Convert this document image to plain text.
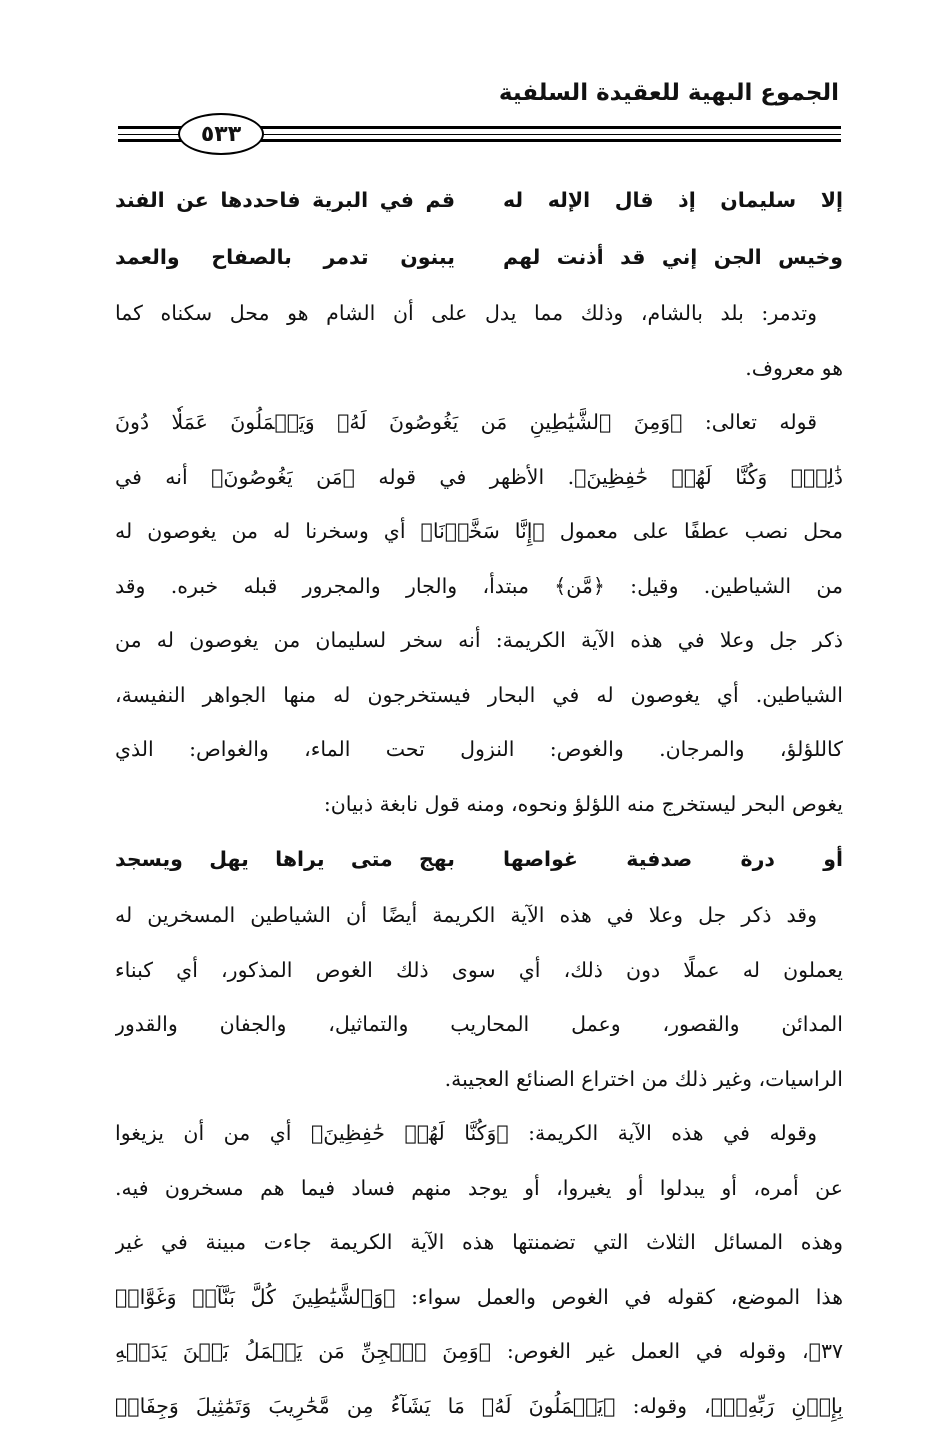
الجموع البهية للعقيدة السلفية
٥٣٣
إلا سليمان إذ قال الإله له
قم في البرية فاحددها عن الفند
وخيس الجن إني قد أذنت لهم
يبنون تدمر بالصفاح والعمد
وتدمر: بلد بالشام، وذلك مما يدل على أن الشام هو محل سكناه كما
هو معروف.
قوله تعالى: ﴿وَمِنَ ٱلشَّيَٰطِينِ مَن يَغُوصُونَ لَهُۥ وَيَعۡمَلُونَ عَمَلٗا دُونَ
ذَٰلِكَۖ وَكُنَّا لَهُمۡ حَٰفِظِينَ﴾. الأظهر في قوله ﴿مَن يَغُوصُونَ﴾ أنه في
محل نصب عطفًا على معمول ﴿إِنَّا سَخَّرۡنَا﴾ أي وسخرنا له من يغوصون له
من الشياطين. وقيل: ﴿مَّن﴾ مبتدأ، والجار والمجرور قبله خبره. وقد
ذكر جل وعلا في هذه الآية الكريمة: أنه سخر لسليمان من يغوصون له من
الشياطين. أي يغوصون له في البحار فيستخرجون له منها الجواهر النفيسة،
كاللؤلؤ، والمرجان. والغوص: النزول تحت الماء، والغواص: الذي
يغوص البحر ليستخرج منه اللؤلؤ ونحوه، ومنه قول نابغة ذبيان:
أو درة صدفية غواصها
بهج متى يراها يهل ويسجد
وقد ذكر جل وعلا في هذه الآية الكريمة أيضًا أن الشياطين المسخرين له
يعملون له عملًا دون ذلك، أي سوى ذلك الغوص المذكور، أي كبناء
المدائن والقصور، وعمل المحاريب والتماثيل، والجفان والقدور
الراسيات، وغير ذلك من اختراع الصنائع العجيبة.
وقوله في هذه الآية الكريمة: ﴿وَكُنَّا لَهُمۡ حَٰفِظِينَ﴾ أي من أن يزيغوا
عن أمره، أو يبدلوا أو يغيروا، أو يوجد منهم فساد فيما هم مسخرون فيه.
وهذه المسائل الثلاث التي تضمنتها هذه الآية الكريمة جاءت مبينة في غير
هذا الموضع، كقوله في الغوص والعمل سواء: ﴿وَٱلشَّيَٰطِينَ كُلَّ بَنَّآءٖ وَغَوَّاصٖ
٣٧﴾، وقوله في العمل غير الغوص: ﴿وَمِنَ ٱلۡجِنِّ مَن يَعۡمَلُ بَيۡنَ يَدَيۡهِ
بِإِذۡنِ رَبِّهِۦۖ﴾، وقوله: ﴿يَعۡمَلُونَ لَهُۥ مَا يَشَآءُ مِن مَّحَٰرِيبَ وَتَمَٰثِيلَ وَجِفَانٖ
